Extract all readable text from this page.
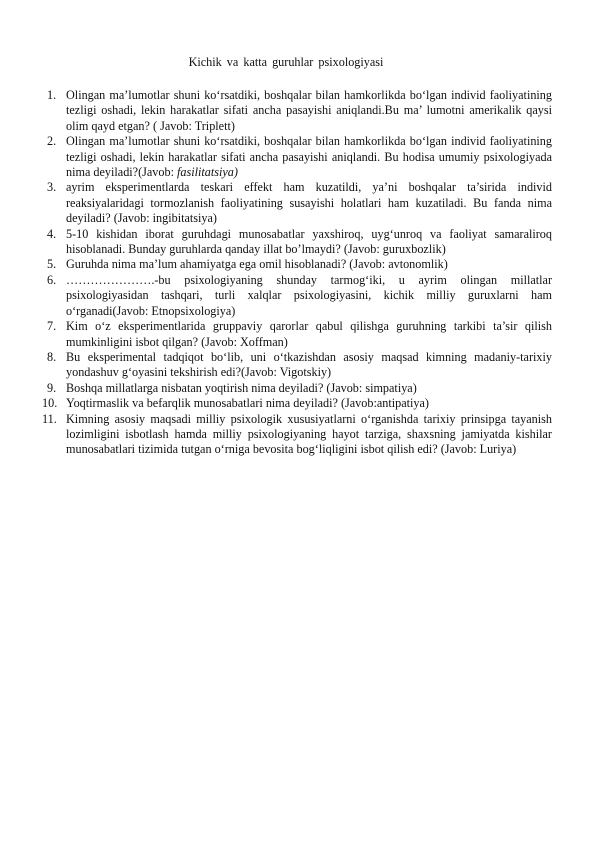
Kichik va katta guruhlar psixologiyasi
1. Olingan ma’lumotlar shuni ko‘rsatdiki, boshqalar bilan hamkorlikda bo‘lgan individ faoliyatining tezligi oshadi, lekin harakatlar sifati ancha pasayishi aniqlandi.Bu ma’ lumotni amerikalik qaysi olim qayd etgan? ( Javob: Triplett)
2. Olingan ma’lumotlar shuni ko‘rsatdiki, boshqalar bilan hamkorlikda bo‘lgan individ faoliyatining tezligi oshadi, lekin harakatlar sifati ancha pasayishi aniqlandi. Bu hodisa umumiy psixologiyada nima deyiladi?(Javob: fasilitatsiya)
3. ayrim eksperimentlarda teskari effekt ham kuzatildi, ya’ni boshqalar ta’sirida individ reaksiyalaridagi tormozlanish faoliyatining susayishi holatlari ham kuzatiladi. Bu fanda nima deyiladi? (Javob: ingibitatsiya)
4. 5-10 kishidan iborat guruhdagi munosabatlar yaxshiroq, uyg‘unroq va faoliyat samaraliroq hisoblanadi. Bunday guruhlarda qanday illat bo’lmaydi? (Javob: guruxbozlik)
5. Guruhda nima ma’lum ahamiyatga ega omil hisoblanadi? (Javob: avtonomlik)
6. ………………….-bu psixologiyaning shunday tarmog‘iki, u ayrim olingan millatlar psixologiyasidan tashqari, turli xalqlar psixologiyasini, kichik milliy guruxlarni ham o‘rganadi(Javob: Etnopsixologiya)
7. Kim o‘z eksperimentlarida gruppaviy qarorlar qabul qilishga guruhning tarkibi ta’sir qilish mumkinligini isbot qilgan? (Javob: Xoffman)
8. Bu eksperimental tadqiqot bo‘lib, uni o‘tkazishdan asosiy maqsad kimning madaniy-tarixiy yondashuv g‘oyasini tekshirish edi?(Javob: Vigotskiy)
9. Boshqa millatlarga nisbatan yoqtirish nima deyiladi? (Javob: simpatiya)
10. Yoqtirmaslik va befarqlik munosabatlari nima deyiladi? (Javob:antipatiya)
11. Kimning asosiy maqsadi milliy psixologik xususiyatlarni o‘rganishda tarixiy prinsipga tayanish lozimligini isbotlash hamda milliy psixologiyaning hayot tarziga, shaxsning jamiyatda kishilar munosabatlari tizimida tutgan o‘rniga bevosita bog‘liqligini isbot qilish edi? (Javob: Luriya)
